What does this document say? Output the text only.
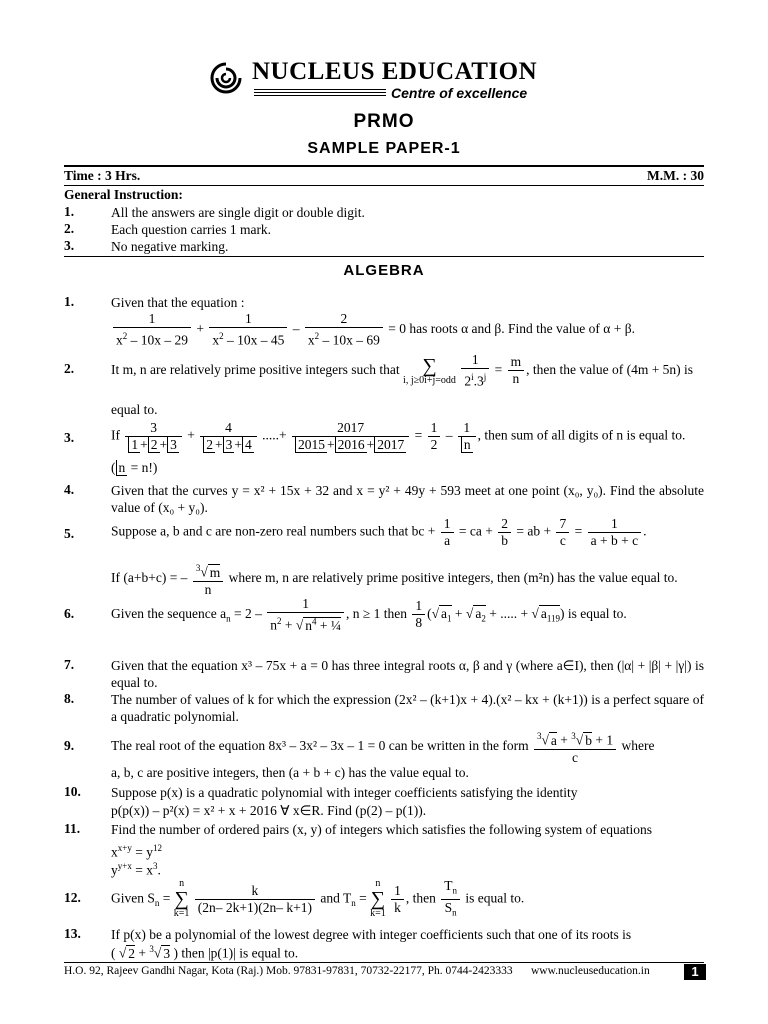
NUCLEUS EDUCATION
Centre of excellence
PRMO
SAMPLE PAPER-1
Time : 3 Hrs.	M.M. : 30
General Instruction:
1.	All the answers are single digit or double digit.
2.	Each question carries 1 mark.
3.	No negative marking.
ALGEBRA
1.	Given that the equation :
$\frac{1}{x^2 - 10x - 29} + \frac{1}{x^2 - 10x - 45} - \frac{2}{x^2 - 10x - 69} = 0$ has roots α and β. Find the value of α + β.
2.	It m, n are relatively prime positive integers such that	∑
i, $j\ge 0i+j=odd \frac{1}{2^i.3^j} = \frac{m}{n}$ , then the value of (4m + 5n) is
equal to.
3.	If $\frac{3}{1 + 2 + 3} + \frac{4}{2 + 3 + 4}$ .....+ $\frac{2017}{2015 + 2016 + 2017} = \frac{1}{2} - \frac{1}{n}$ , then sum of all digits of n is equal to.
( n = n!)
4.	Given that the curves y = x² + 15x + 32 and x = y² + 49y + 593 meet at one point (x₀, y₀). Find the absolute value of (x₀ + y₀).
5.	Suppose a, b and c are non-zero real numbers such that bc + $\frac{1}{a}$ = ca + $\frac{2}{b}$ = ab + $\frac{7}{c} = \frac{1}{a + b + c}$ .
If (a+b+c) = – $\frac{^3√ m}{n}$ where m, n are relatively prime positive integers, then (m²n) has the value equal to.
6.	Given the sequence $a_n = 2 - \frac{1}{n^2 + √ n^4 + \frac{1}{4}}$ , n ≥ 1 then $\frac{1}{8}$ (√ $a_1$ + √ $a_2$ + ..... + √ $a_{119}$) is equal to.
7.	Given that the equation x³ – 75x + a = 0 has three integral roots α, β and γ (where a∈I), then (|α| + |β| + |γ|) is equal to.
8.	The number of values of k for which the expression (2x² – (k+1)x + 4).(x² – kx + (k+1)) is a perfect square of a quadratic polynomial.
9.	The real root of the equation 8x³ – 3x² – 3x – 1 = 0 can be written in the form $\frac{^3√ a + ^3√ b + 1}{c}$ where
a, b, c are positive integers, then (a + b + c) has the value equal to.
10. Suppose p(x) is a quadratic polynomial with integer coefficients satisfying the identity
p(p(x)) – p²(x) = x² + x + 2016 ∀ x∈R. Find (p(2) – p(1)).
11. Find the number of ordered pairs (x, y) of integers which satisfies the following system of equations
$x^{x+y} = y^{12}$
$y^{y+x} = x^3$.
12. Given $S_n = n$
∑
$k=1 \frac{k}{(2n- 2k+1)(2n- k+1)}$ and $T_n = n$
∑
$k=1 \frac{1}{k}$ , then $\frac{T_n}{S_n}$ is equal to.
13. If p(x) be a polynomial of the lowest degree with integer coefficients such that one of its roots is
( √ 2 + $^3$√ 3 ) then |p(1)| is equal to.
H.O. 92, Rajeev Gandhi Nagar, Kota (Raj.) Mob. 97831-97831, 70732-22177, Ph. 0744-2423333 www.nucleuseducation.in	1
